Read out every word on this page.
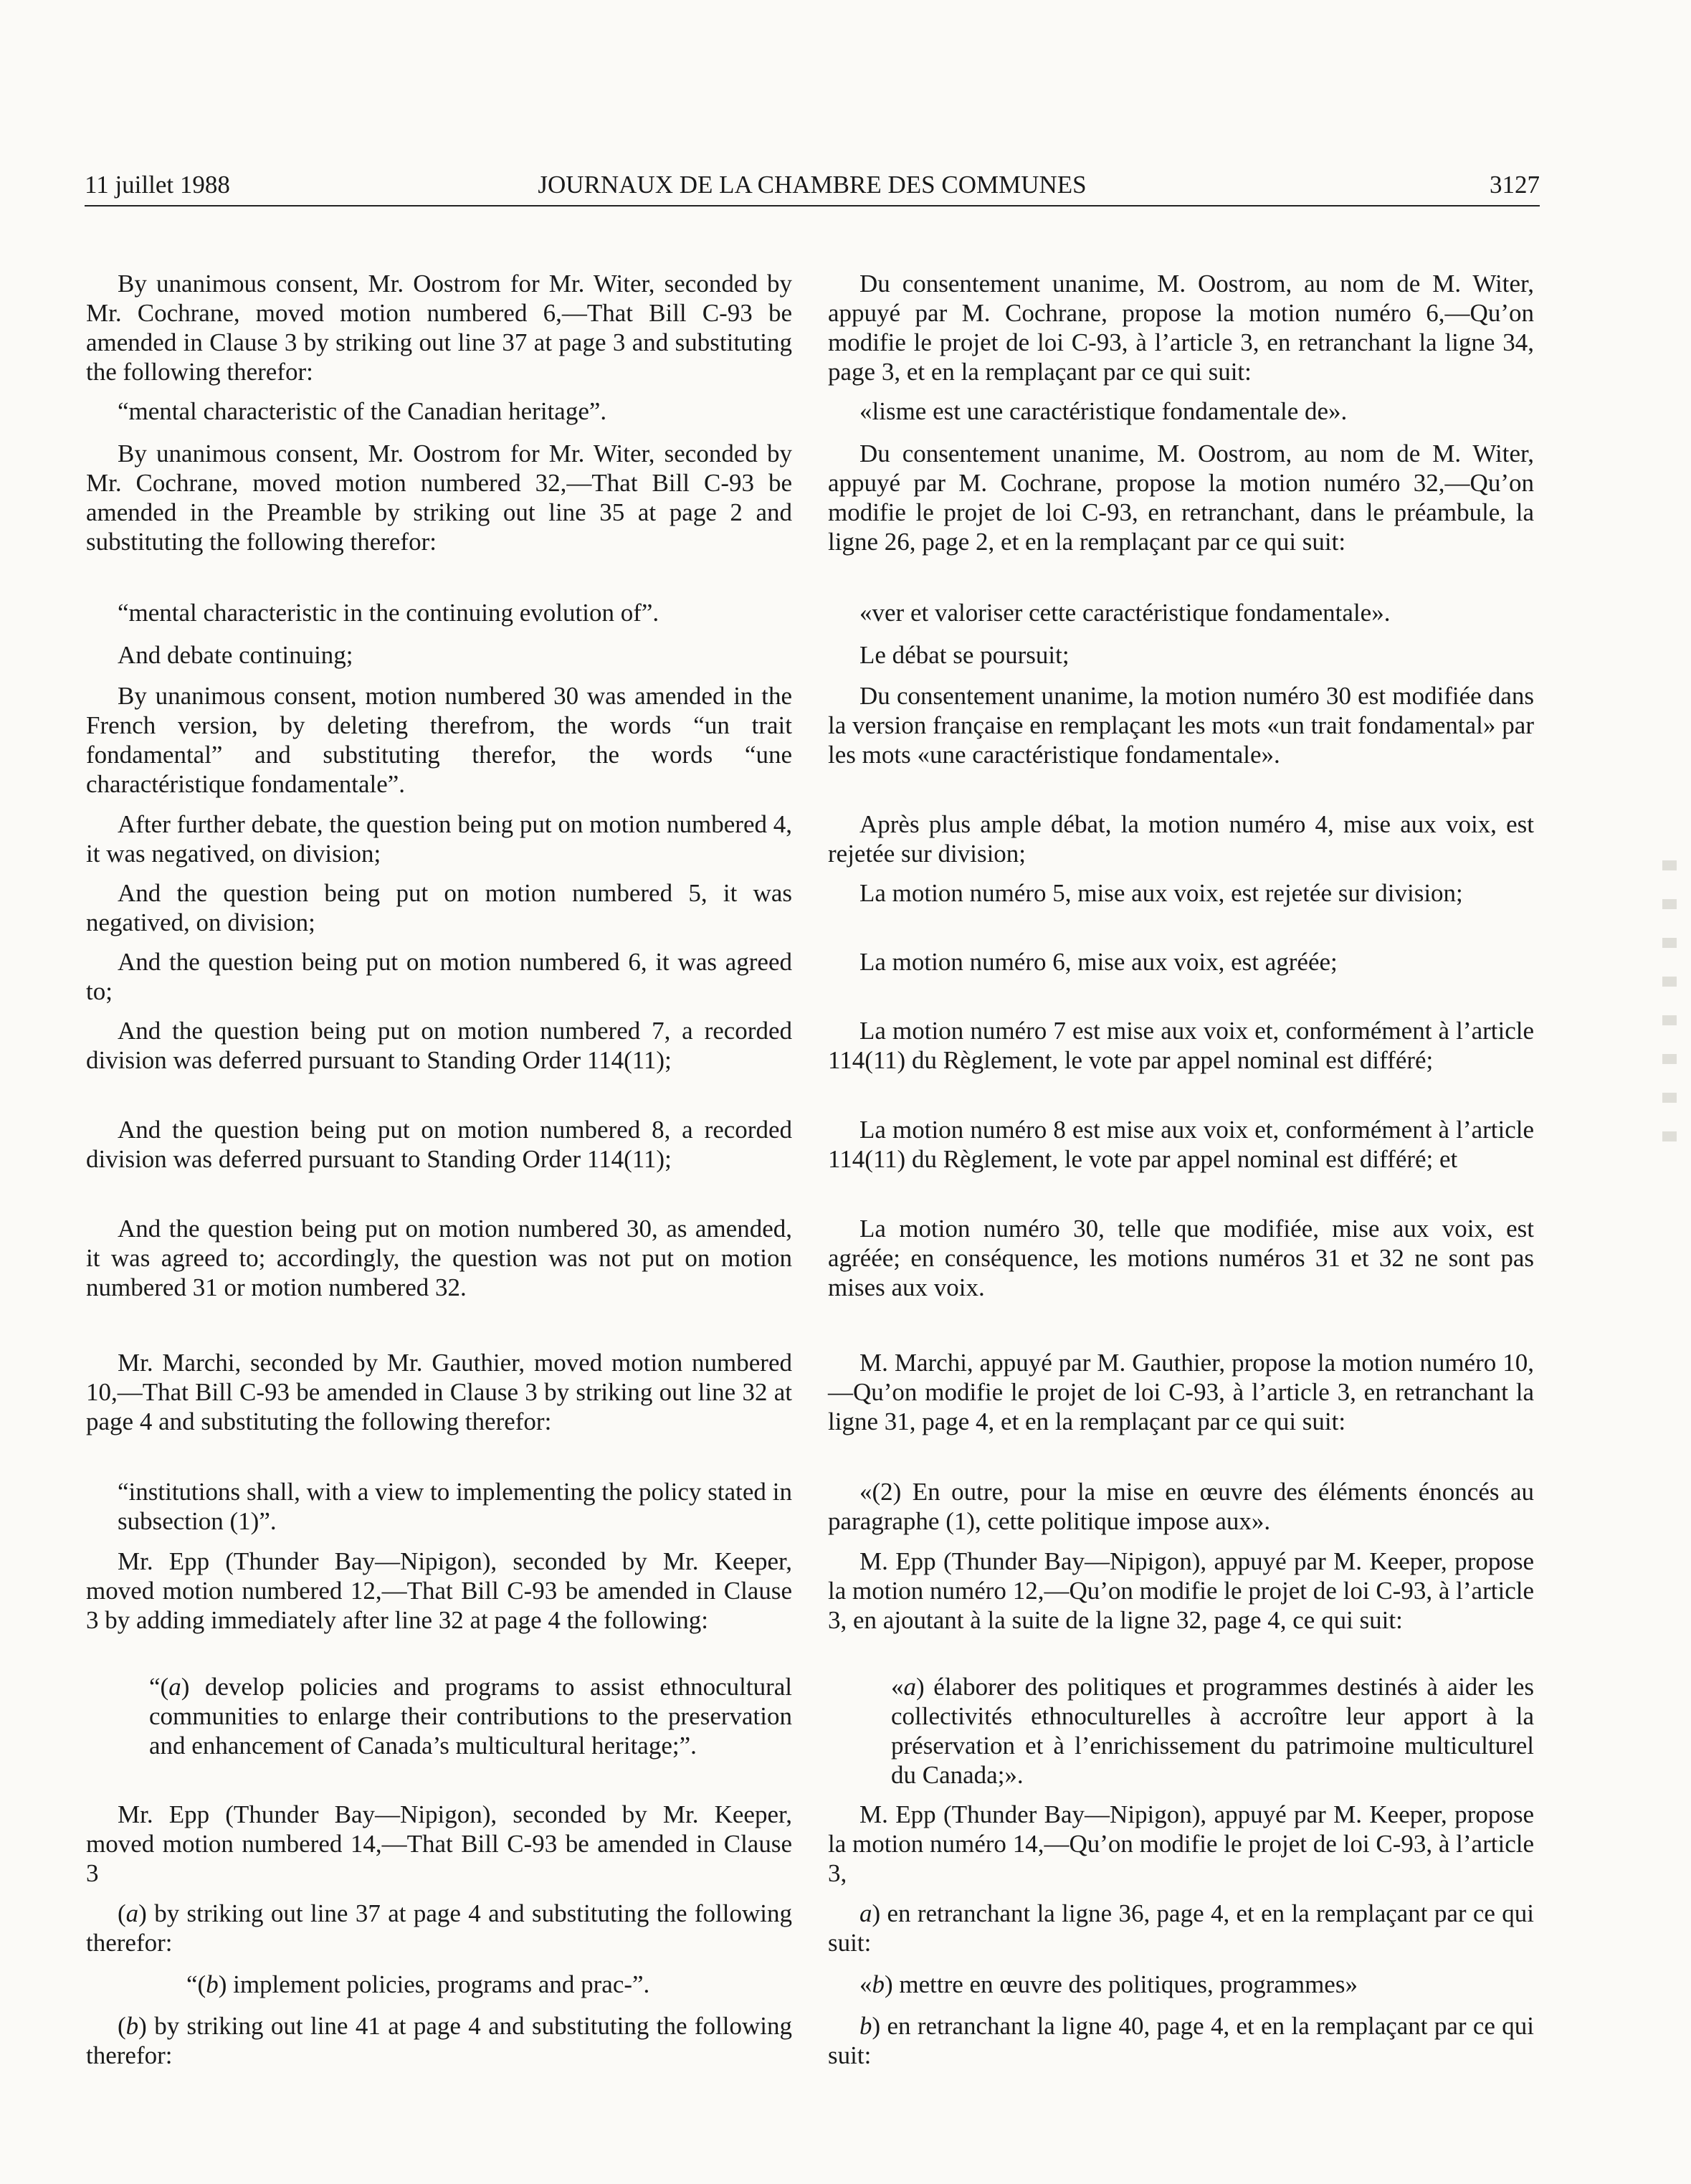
11 juillet 1988	JOURNAUX DE LA CHAMBRE DES COMMUNES	3127

By unanimous consent, Mr. Oostrom for Mr. Witer, seconded by Mr. Cochrane, moved motion numbered 6,—That Bill C-93 be amended in Clause 3 by striking out line 37 at page 3 and substituting the following therefor:

“mental characteristic of the Canadian heritage”.

By unanimous consent, Mr. Oostrom for Mr. Witer, seconded by Mr. Cochrane, moved motion numbered 32,—That Bill C-93 be amended in the Preamble by striking out line 35 at page 2 and substituting the following therefor:

“mental characteristic in the continuing evolution of”.

And debate continuing;

By unanimous consent, motion numbered 30 was amended in the French version, by deleting therefrom, the words “un trait fondamental” and substituting therefor, the words “une charactéristique fondamentale”.

After further debate, the question being put on motion numbered 4, it was negatived, on division;

And the question being put on motion numbered 5, it was negatived, on division;

And the question being put on motion numbered 6, it was agreed to;

And the question being put on motion numbered 7, a recorded division was deferred pursuant to Standing Order 114(11);

And the question being put on motion numbered 8, a recorded division was deferred pursuant to Standing Order 114(11);

And the question being put on motion numbered 30, as amended, it was agreed to; accordingly, the question was not put on motion numbered 31 or motion numbered 32.

Mr. Marchi, seconded by Mr. Gauthier, moved motion numbered 10,—That Bill C-93 be amended in Clause 3 by striking out line 32 at page 4 and substituting the following therefor:

“institutions shall, with a view to implementing the policy stated in subsection (1)”.

Mr. Epp (Thunder Bay—Nipigon), seconded by Mr. Keeper, moved motion numbered 12,—That Bill C-93 be amended in Clause 3 by adding immediately after line 32 at page 4 the following:

“(a) develop policies and programs to assist ethnocultural communities to enlarge their contributions to the preservation and enhancement of Canada’s multicultural heritage;”.

Mr. Epp (Thunder Bay—Nipigon), seconded by Mr. Keeper, moved motion numbered 14,—That Bill C-93 be amended in Clause 3

(a) by striking out line 37 at page 4 and substituting the following therefor:

“(b) implement policies, programs and prac-”.

(b) by striking out line 41 at page 4 and substituting the following therefor:

Du consentement unanime, M. Oostrom, au nom de M. Witer, appuyé par M. Cochrane, propose la motion numéro 6,—Qu’on modifie le projet de loi C-93, à l’article 3, en retranchant la ligne 34, page 3, et en la remplaçant par ce qui suit:

«lisme est une caractéristique fondamentale de».

Du consentement unanime, M. Oostrom, au nom de M. Witer, appuyé par M. Cochrane, propose la motion numéro 32,—Qu’on modifie le projet de loi C-93, en retranchant, dans le préambule, la ligne 26, page 2, et en la remplaçant par ce qui suit:

«ver et valoriser cette caractéristique fondamentale».

Le débat se poursuit;

Du consentement unanime, la motion numéro 30 est modifiée dans la version française en remplaçant les mots «un trait fondamental» par les mots «une caractéristique fondamentale».

Après plus ample débat, la motion numéro 4, mise aux voix, est rejetée sur division;

La motion numéro 5, mise aux voix, est rejetée sur division;

La motion numéro 6, mise aux voix, est agréée;

La motion numéro 7 est mise aux voix et, conformément à l’article 114(11) du Règlement, le vote par appel nominal est différé;

La motion numéro 8 est mise aux voix et, conformément à l’article 114(11) du Règlement, le vote par appel nominal est différé; et

La motion numéro 30, telle que modifiée, mise aux voix, est agréée; en conséquence, les motions numéros 31 et 32 ne sont pas mises aux voix.

M. Marchi, appuyé par M. Gauthier, propose la motion numéro 10,—Qu’on modifie le projet de loi C-93, à l’article 3, en retranchant la ligne 31, page 4, et en la remplaçant par ce qui suit:

«(2) En outre, pour la mise en œuvre des éléments énoncés au paragraphe (1), cette politique impose aux».

M. Epp (Thunder Bay—Nipigon), appuyé par M. Keeper, propose la motion numéro 12,—Qu’on modifie le projet de loi C-93, à l’article 3, en ajoutant à la suite de la ligne 32, page 4, ce qui suit:

«a) élaborer des politiques et programmes destinés à aider les collectivités ethnoculturelles à accroître leur apport à la préservation et à l’enrichissement du patrimoine multiculturel du Canada;».

M. Epp (Thunder Bay—Nipigon), appuyé par M. Keeper, propose la motion numéro 14,—Qu’on modifie le projet de loi C-93, à l’article 3,

a) en retranchant la ligne 36, page 4, et en la remplaçant par ce qui suit:

«b) mettre en œuvre des politiques, programmes»

b) en retranchant la ligne 40, page 4, et en la remplaçant par ce qui suit:
